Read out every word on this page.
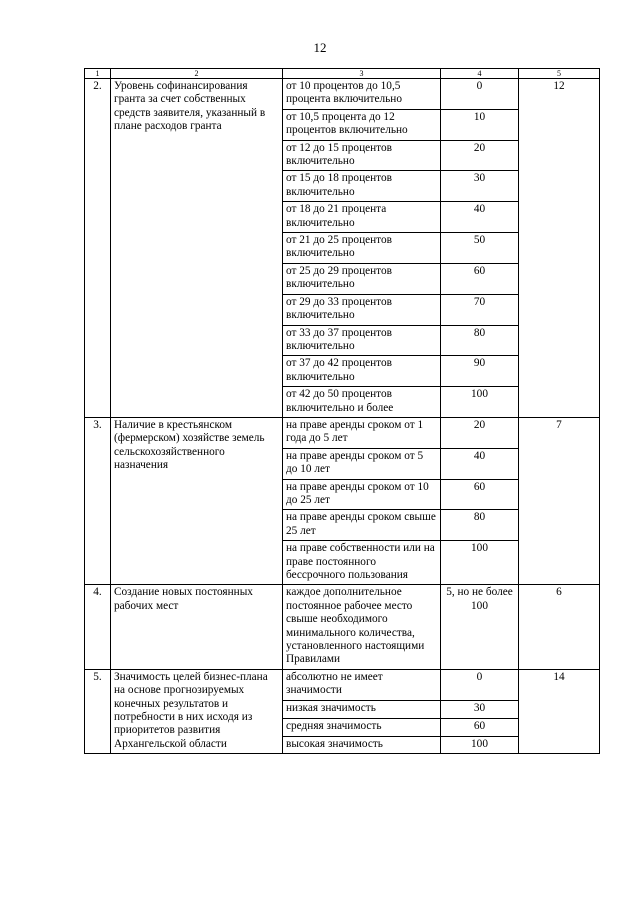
12
1	2	3	4	5
2.	Уровень софинансирования гранта за счет собственных средств заявителя, указанный в плане расходов гранта	от 10 процентов до 10,5 процента включительно	0	12
		от 10,5 процента до 12 процентов включительно	10	
		от 12 до 15 процентов включительно	20	
		от 15 до 18 процентов включительно	30	
		от 18 до 21 процента включительно	40	
		от 21 до 25 процентов включительно	50	
		от 25 до 29 процентов включительно	60	
		от 29 до 33 процентов включительно	70	
		от 33 до 37 процентов включительно	80	
		от 37 до 42 процентов включительно	90	
		от 42 до 50 процентов включительно и более	100	
3.	Наличие в крестьянском (фермерском) хозяйстве земель сельскохозяйственного назначения	на праве аренды сроком от 1 года до 5 лет	20	7
		на праве аренды сроком от 5 до 10 лет	40	
		на праве аренды сроком от 10 до 25 лет	60	
		на праве аренды сроком свыше 25 лет	80	
		на праве собственности или на праве постоянного бессрочного пользования	100	
4.	Создание новых постоянных рабочих мест	каждое дополнительное постоянное рабочее место свыше необходимого минимального количества, установленного настоящими Правилами	5, но не более 100	6
5.	Значимость целей бизнес-плана на основе прогнозируемых конечных результатов и потребности в них исходя из приоритетов развития Архангельской области	абсолютно не имеет значимости	0	14
		низкая значимость	30	
		средняя значимость	60	
		высокая значимость	100	
